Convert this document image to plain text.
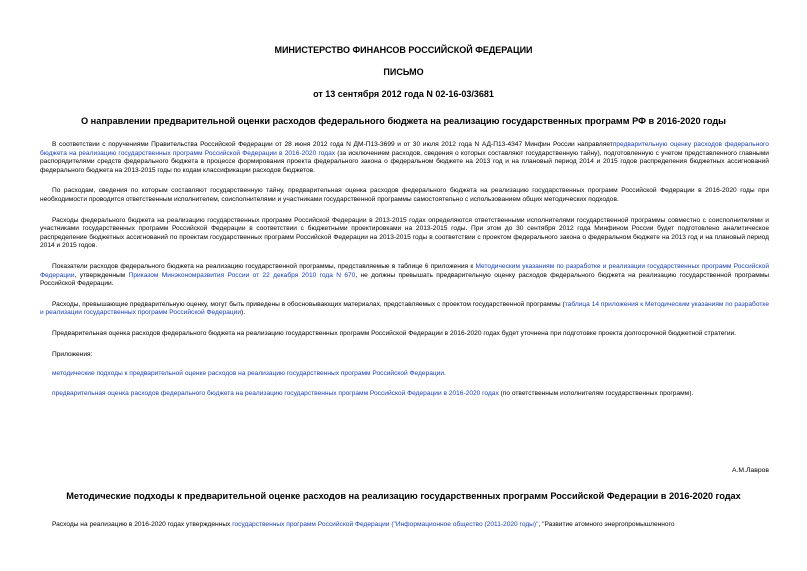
МИНИСТЕРСТВО ФИНАНСОВ РОССИЙСКОЙ ФЕДЕРАЦИИ
ПИСЬМО
от 13 сентября 2012 года N 02-16-03/3681
О направлении предварительной оценки расходов федерального бюджета на реализацию государственных программ РФ в 2016-2020 годы

В соответствии с поручениями Правительства Российской Федерации от 28 июня 2012 года N ДМ-П13-3699 и от 30 июля 2012 года N АД-П13-4347 Минфин России направляетпредварительную оценку расходов федерального бюджета на реализацию государственных программ Российской Федерации в 2016-2020 годах (за исключением расходов, сведения о которых составляют государственную тайну), подготовленную с учетом представленного главными распорядителями средств федерального бюджета в процессе формирования проекта федерального закона о федеральном бюджете на 2013 год и на плановый период 2014 и 2015 годов распределения бюджетных ассигнований федерального бюджета на 2013-2015 годы по кодам классификации расходов бюджетов.

По расходам, сведения по которым составляют государственную тайну, предварительная оценка расходов федерального бюджета на реализацию государственных программ Российской Федерации в 2016-2020 годы при необходимости проводится ответственным исполнителем, соисполнителями и участниками государственной программы самостоятельно с использованием общих методических подходов.

Расходы федерального бюджета на реализацию государственных программ Российской Федерации в 2013-2015 годах определяются ответственными исполнителями государственной программы совместно с соисполнителями и участниками государственных программ Российской Федерации в соответствии с бюджетными проектировками на 2013-2015 годы. При этом до 30 сентября 2012 года Минфином России будет подготовлено аналитическое распределение бюджетных ассигнований по проектам государственных программ Российской Федерации на 2013-2015 годы в соответствии с проектом федерального закона о федеральном бюджете на 2013 год и на плановый период 2014 и 2015 годов.

Показатели расходов федерального бюджета на реализацию государственной программы, представляемые в таблице 6 приложения к Методическим указаниям по разработке и реализации государственных программ Российской Федерации, утвержденным Приказом Минэкономразвития России от 22 декабря 2010 года N 670, не должны превышать предварительную оценку расходов федерального бюджета на реализацию государственной программы Российской Федерации.

Расходы, превышающие предварительную оценку, могут быть приведены в обосновывающих материалах, представляемых с проектом государственной программы (таблица 14 приложения к Методическим указаниям по разработке и реализации государственных программ Российской Федерации).

Предварительная оценка расходов федерального бюджета на реализацию государственных программ Российской Федерации в 2016-2020 годах будет уточнена при подготовке проекта долгосрочной бюджетной стратегии.

Приложения:

методические подходы к предварительной оценке расходов на реализацию государственных программ Российской Федерации.

предварительная оценка расходов федерального бюджета на реализацию государственных программ Российской Федерации в 2016-2020 годах (по ответственным исполнителям государственных программ).

А.М.Лавров
Методические подходы к предварительной оценке расходов на реализацию государственных программ Российской Федерации в 2016-2020 годах
Расходы на реализацию в 2016-2020 годах утвержденных государственных программ Российской Федерации ("Информационное общество (2011-2020 годы)", "Развитие атомного энергопромышленного
